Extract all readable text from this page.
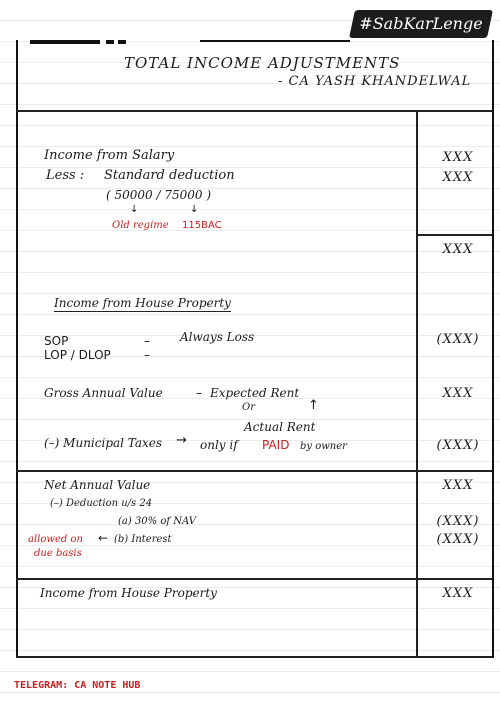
#SabKarLenge
TOTAL INCOME ADJUSTMENTS
- CA YASH KHANDELWAL
Income from Salary	XXX
Less : Standard deduction	XXX
( 50000 / 75000 )
↓	↓
Old regime 115BAC
XXX
Income from House Property
SOP	–	Always Loss	(XXX)
LOP / DLOP	–
Gross Annual Value	– Expected Rent	XXX
Or	↑
Actual Rent
(–) Municipal Taxes → only if PAID by owner	(XXX)
Net Annual Value	XXX
(–) Deduction u/s 24
(a) 30% of NAV	(XXX)
allowed on ←
due basis
(b) Interest	(XXX)
Income from House Property	XXX
TELEGRAM: CA NOTE HUB
